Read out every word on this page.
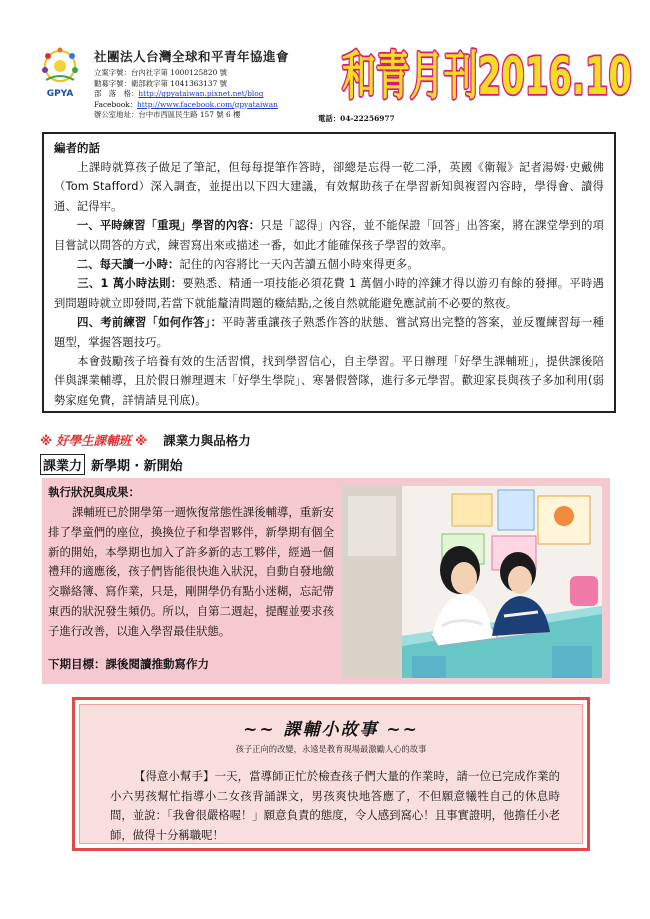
GPYA
社團法人台灣全球和平青年協進會
立案字號：台內社字第 1000125820 號
勸募字號：衛部救字第 1041363137 號
部　落　格：http://gpyataiwan.pixnet.net/blog
Facebook：http://www.facebook.com/gpyataiwan
辦公室地址：台中市西區民生路 157 號 6 樓	電話：04-22256977
和青月刊2016.10
編者的話

　　上課時就算孩子做足了筆記，但每每提筆作答時，卻總是忘得一乾二淨，英國《衛報》記者湯姆‧史戴佛（Tom Stafford）深入調查，並提出以下四大建議，有效幫助孩子在學習新知與複習內容時，學得會、讀得通、記得牢。

　　一、平時練習「重現」學習的內容：只是「認得」內容，並不能保證「回答」出答案，將在課堂學到的項目嘗試以問答的方式，練習寫出來或描述一番，如此才能確保孩子學習的效率。

　　二、每天讀一小時：記住的內容將比一天內苦讀五個小時來得更多。

　　三、1 萬小時法則：要熟悉、精通一項技能必須花費 1 萬個小時的淬鍊才得以游刃有餘的發揮。平時遇到問題時就立即發問,若當下就能釐清問題的癥結點,之後自然就能避免應試前不必要的熬夜。

　　四、考前練習「如何作答」：平時著重讓孩子熟悉作答的狀態、嘗試寫出完整的答案，並反覆練習每一種題型，掌握答題技巧。

　　本會鼓勵孩子培養有效的生活習慣，找到學習信心，自主學習。平日辦理「好學生課輔班」，提供課後陪伴與課業輔導，且於假日辦理週末「好學生學院」、寒暑假營隊，進行多元學習。歡迎家長與孩子多加利用(弱勢家庭免費，詳情請見刊底)。

※ 好學生課輔班 ※ 課業力與品格力
課業力 新學期 ‧ 新開始
執行狀況與成果：

課輔班已於開學第一週恢復常態性課後輔導，重新安排了學童們的座位，換換位子和學習夥伴，新學期有個全新的開始，本學期也加入了許多新的志工夥伴，經過一個禮拜的適應後，孩子們皆能很快進入狀況，自動自發地繳交聯絡簿、寫作業，只是，剛開學仍有點小迷糊，忘記帶東西的狀況發生頻仍。所以，自第二週起，提醒並要求孩子進行改善，以進入學習最佳狀態。

下期目標：課後閱讀推動寫作力
~~ 課輔小故事 ~~
孩子正向的改變，永遠是教育現場最激勵人心的故事

【得意小幫手】一天，當導師正忙於檢查孩子們大量的作業時，請一位已完成作業的小六男孩幫忙指導小二女孩背誦課文，男孩爽快地答應了，不但願意犧牲自己的休息時間，並說：「我會很嚴格喔！」願意負責的態度，令人感到窩心！且事實證明，他擔任小老師，做得十分稱職呢！
